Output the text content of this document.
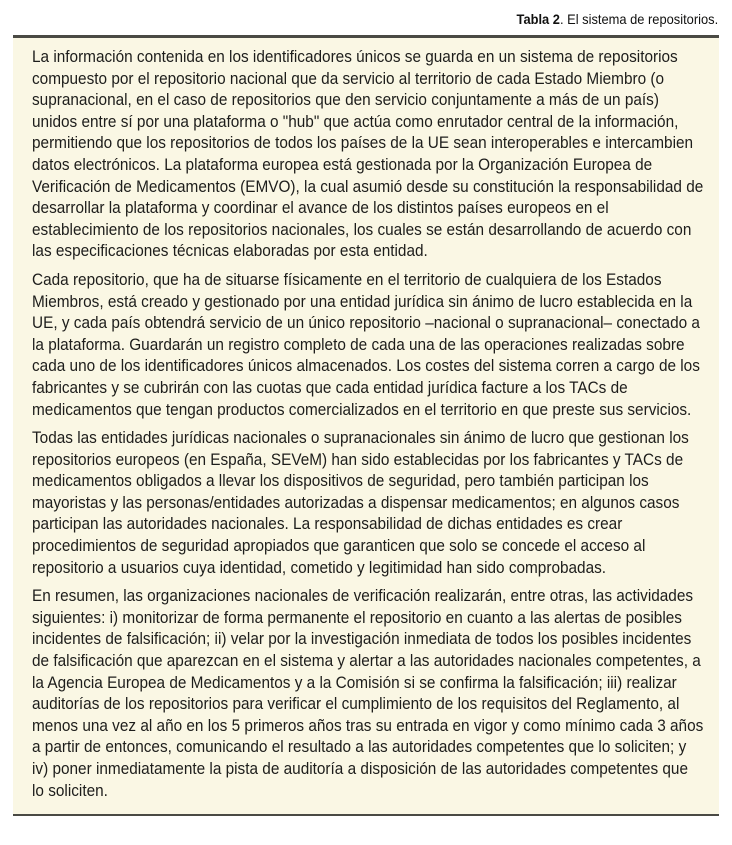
Tabla 2. El sistema de repositorios.

La información contenida en los identificadores únicos se guarda en un sistema de repositorios compuesto por el repositorio nacional que da servicio al territorio de cada Estado Miembro (o supranacional, en el caso de repositorios que den servicio conjuntamente a más de un país) unidos entre sí por una plataforma o "hub" que actúa como enrutador central de la información, permitiendo que los repositorios de todos los países de la UE sean interoperables e intercambien datos electrónicos. La plataforma europea está gestionada por la Organización Europea de Verificación de Medicamentos (EMVO), la cual asumió desde su constitución la responsabilidad de desarrollar la plataforma y coordinar el avance de los distintos países europeos en el establecimiento de los repositorios nacionales, los cuales se están desarrollando de acuerdo con las especificaciones técnicas elaboradas por esta entidad.

Cada repositorio, que ha de situarse físicamente en el territorio de cualquiera de los Estados Miembros, está creado y gestionado por una entidad jurídica sin ánimo de lucro establecida en la UE, y cada país obtendrá servicio de un único repositorio –nacional o supranacional– conectado a la plataforma. Guardarán un registro completo de cada una de las operaciones realizadas sobre cada uno de los identificadores únicos almacenados. Los costes del sistema corren a cargo de los fabricantes y se cubrirán con las cuotas que cada entidad jurídica facture a los TACs de medicamentos que tengan productos comercializados en el territorio en que preste sus servicios.

Todas las entidades jurídicas nacionales o supranacionales sin ánimo de lucro que gestionan los repositorios europeos (en España, SEVeM) han sido establecidas por los fabricantes y TACs de medicamentos obligados a llevar los dispositivos de seguridad, pero también participan los mayoristas y las personas/entidades autorizadas a dispensar medicamentos; en algunos casos participan las autoridades nacionales. La responsabilidad de dichas entidades es crear procedimientos de seguridad apropiados que garanticen que solo se concede el acceso al repositorio a usuarios cuya identidad, cometido y legitimidad han sido comprobadas.

En resumen, las organizaciones nacionales de verificación realizarán, entre otras, las actividades siguientes: i) monitorizar de forma permanente el repositorio en cuanto a las alertas de posibles incidentes de falsificación; ii) velar por la investigación inmediata de todos los posibles incidentes de falsificación que aparezcan en el sistema y alertar a las autoridades nacionales competentes, a la Agencia Europea de Medicamentos y a la Comisión si se confirma la falsificación; iii) realizar auditorías de los repositorios para verificar el cumplimiento de los requisitos del Reglamento, al menos una vez al año en los 5 primeros años tras su entrada en vigor y como mínimo cada 3 años a partir de entonces, comunicando el resultado a las autoridades competentes que lo soliciten; y iv) poner inmediatamente la pista de auditoría a disposición de las autoridades competentes que lo soliciten.
